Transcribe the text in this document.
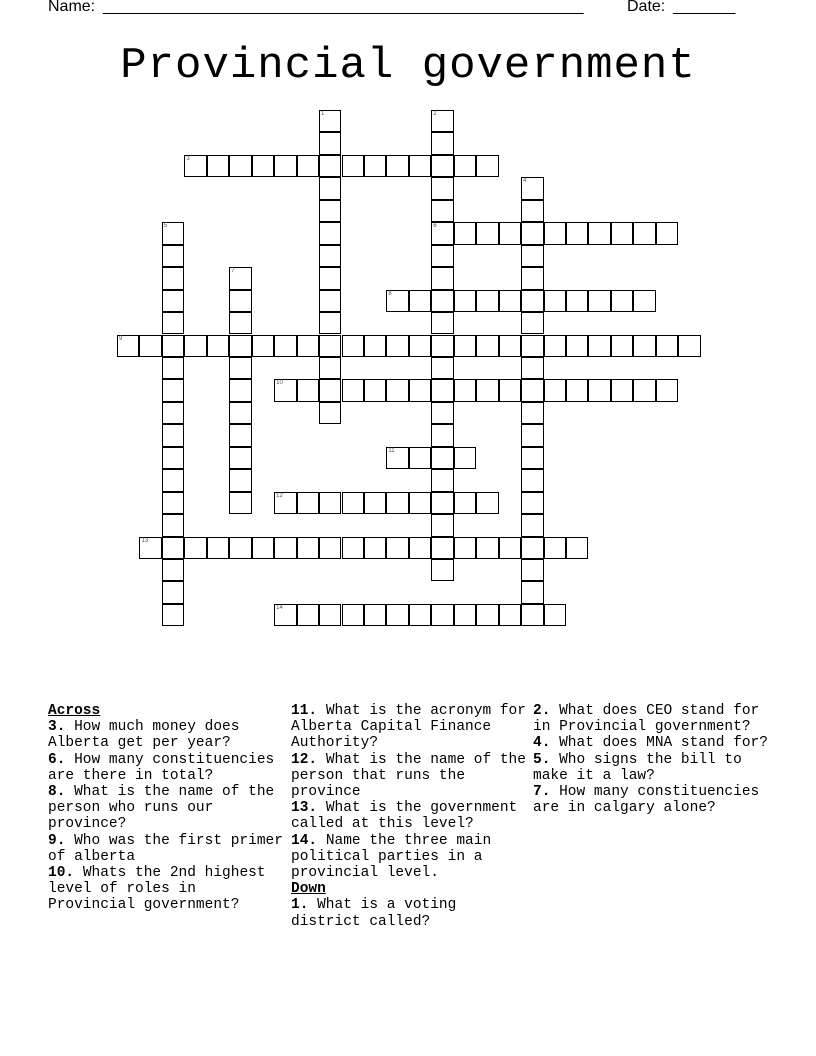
Name: ______________________________________________________	Date: _______
Provincial government
3
6
8
9
10
11
12
13
14
1	2
4
5
7
Across
3. How much money does Alberta get per year?
6. How many constituencies are there in total?
8. What is the name of the person who runs our province?
9. Who was the first primer of alberta
10. Whats the 2nd highest level of roles in Provincial government?
11. What is the acronym for Alberta Capital Finance Authority?
12. What is the name of the person that runs the province
13. What is the government called at this level?
14. Name the three main political parties in a provincial level.
Down
1. What is a voting district called?
2. What does CEO stand for in Provincial government?
4. What does MNA stand for?
5. Who signs the bill to make it a law?
7. How many constituencies are in calgary alone?
